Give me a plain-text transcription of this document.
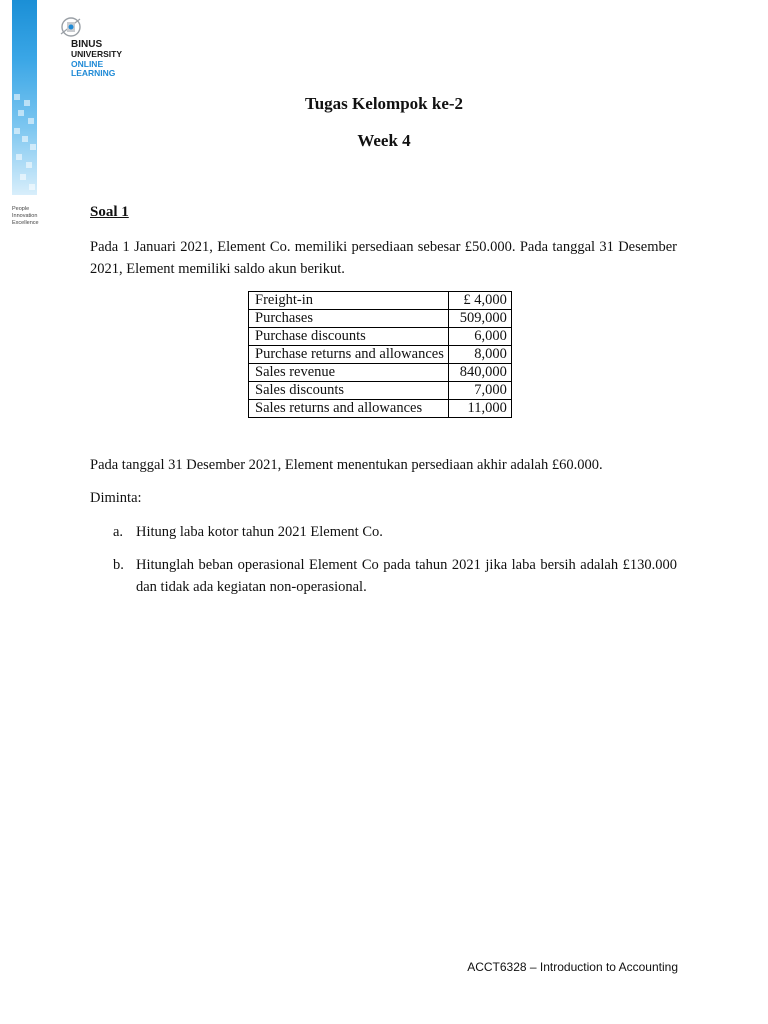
People
Innovation
Excellence
BINUS
UNIVERSITY
ONLINE
LEARNING
Tugas Kelompok ke-2
Week 4
Soal 1
Pada 1 Januari 2021, Element Co. memiliki persediaan sebesar £50.000. Pada tanggal 31 Desember 2021, Element memiliki saldo akun berikut.
Freight-in	£ 4,000
Purchases	509,000
Purchase discounts	6,000
Purchase returns and allowances	8,000
Sales revenue	840,000
Sales discounts	7,000
Sales returns and allowances	11,000
Pada tanggal 31 Desember 2021, Element menentukan persediaan akhir adalah £60.000.
Diminta:
a. Hitung laba kotor tahun 2021 Element Co.
b. Hitunglah beban operasional Element Co pada tahun 2021 jika laba bersih adalah £130.000 dan tidak ada kegiatan non-operasional.
ACCT6328 – Introduction to Accounting
